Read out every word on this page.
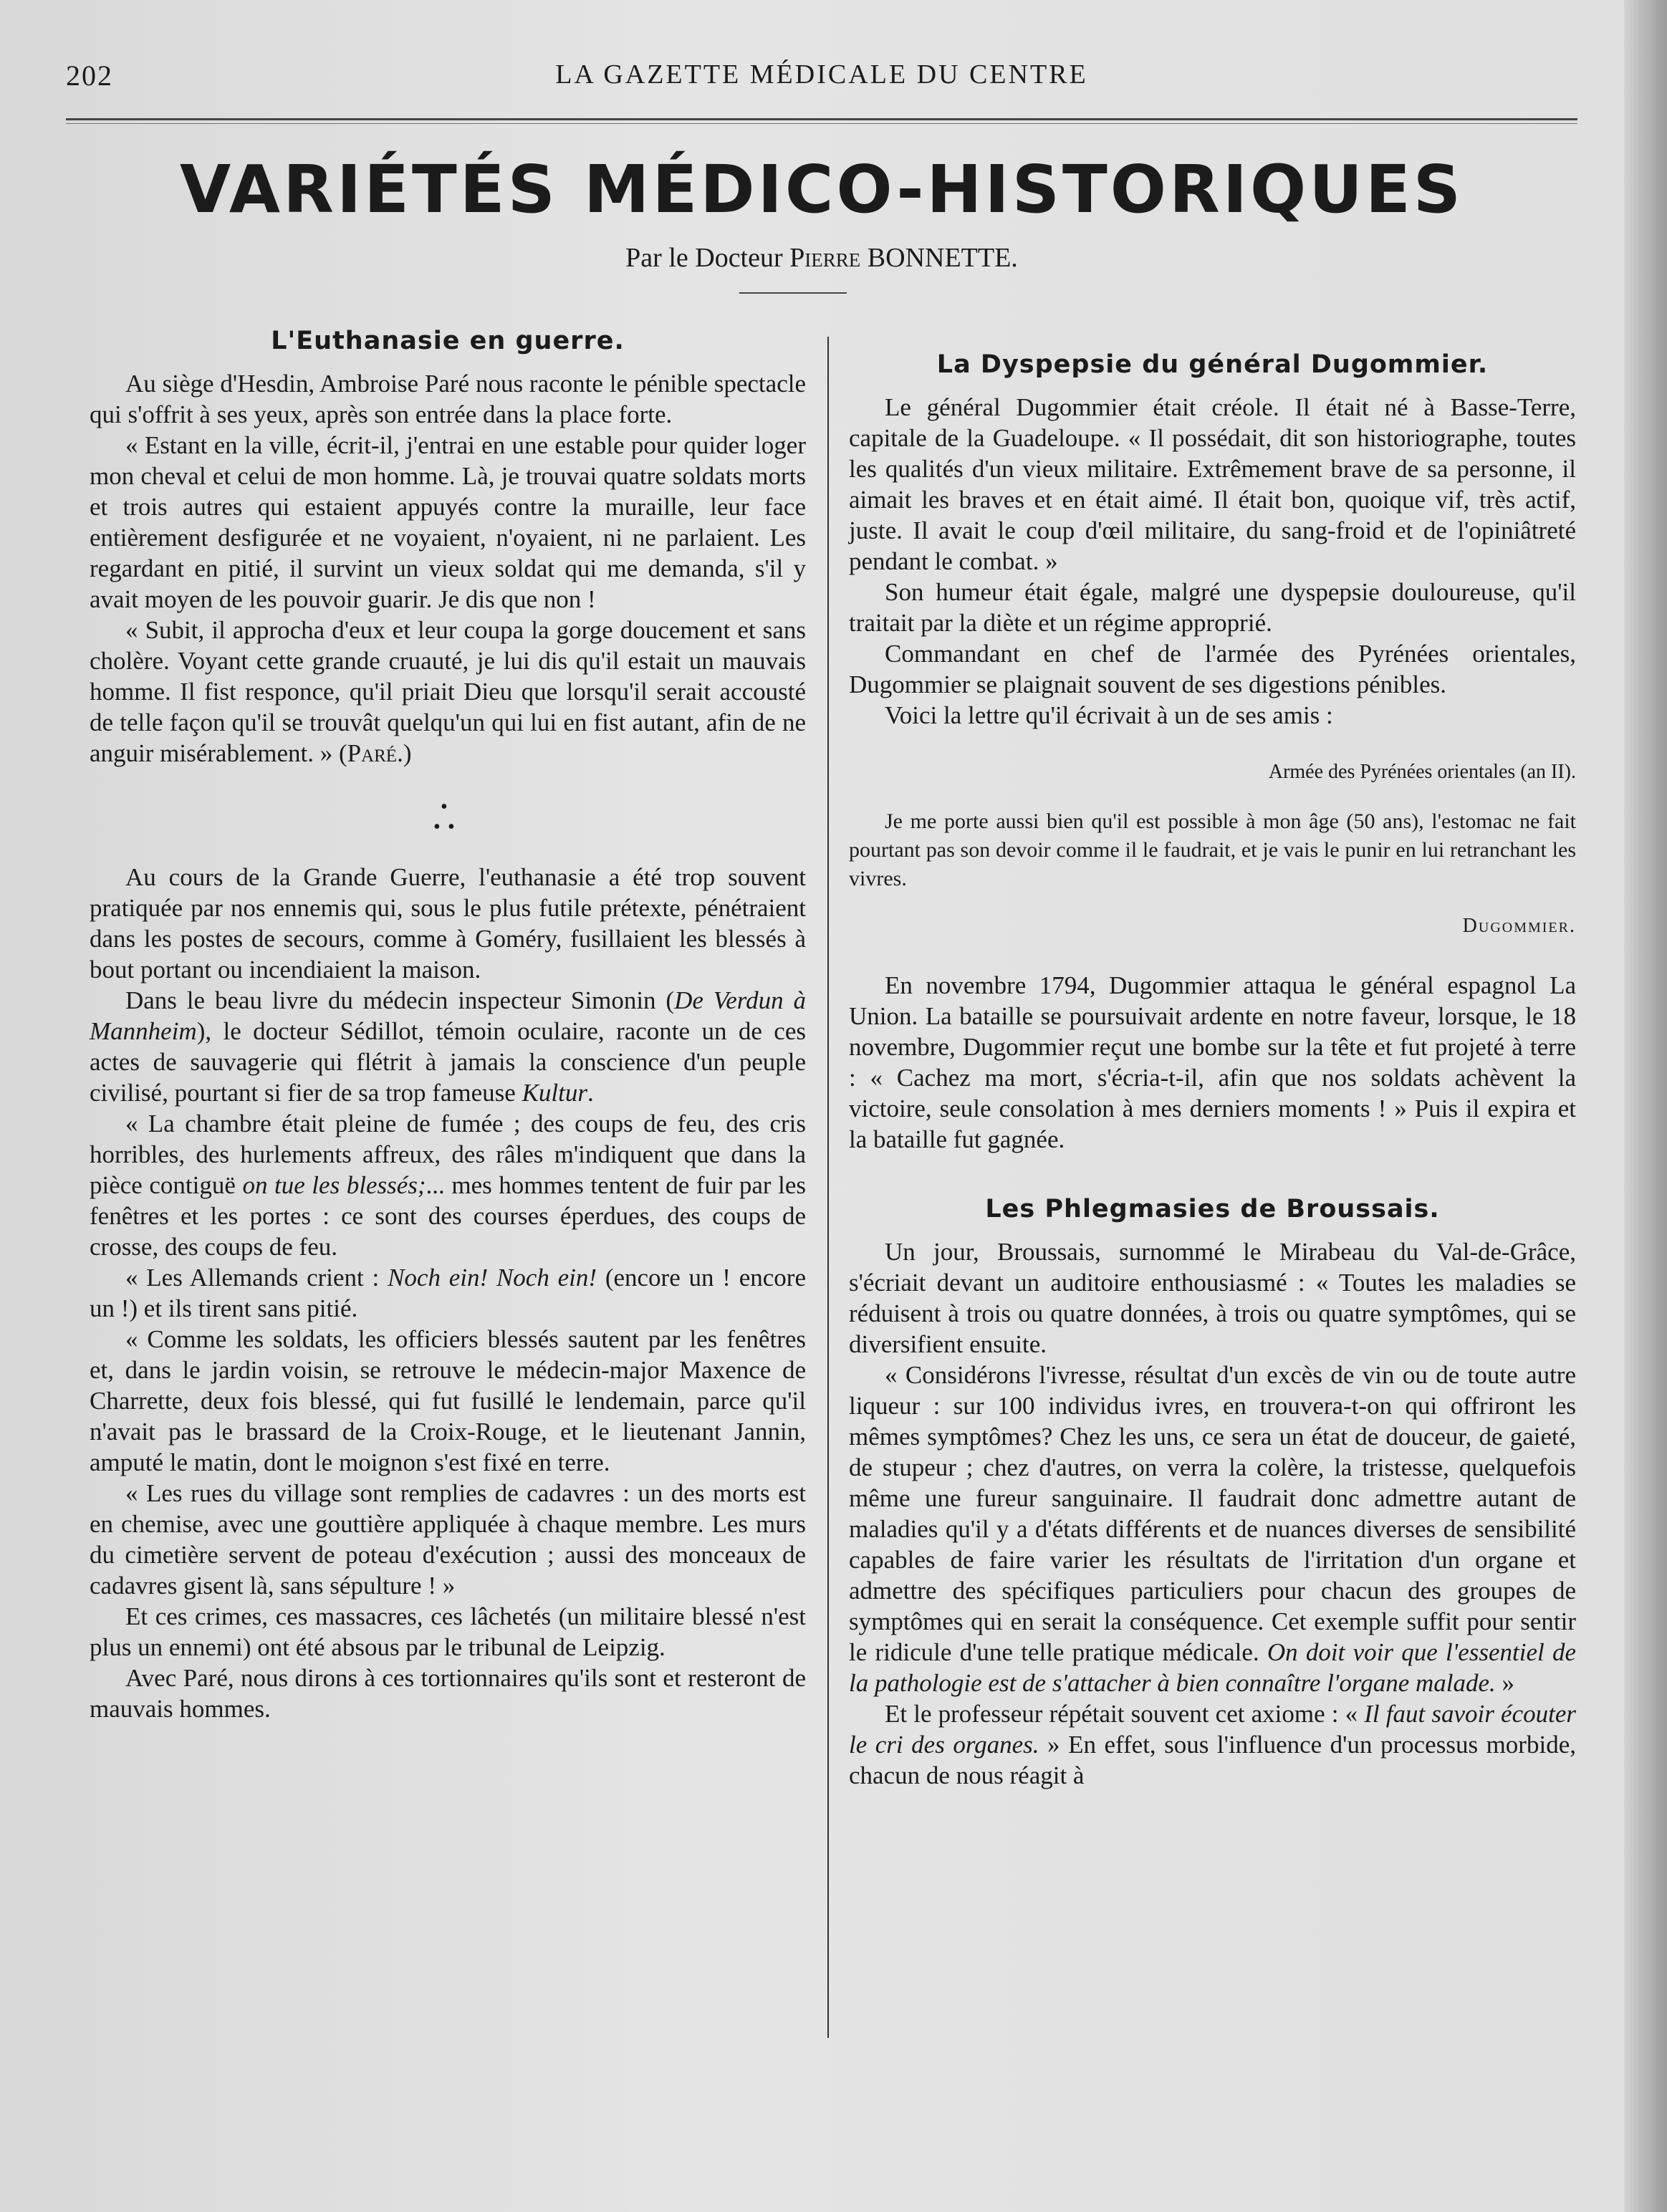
202	LA GAZETTE MÉDICALE DU CENTRE
VARIÉTÉS MÉDICO-HISTORIQUES
Par le Docteur Pierre BONNETTE.
L'Euthanasie en guerre.

Au siège d'Hesdin, Ambroise Paré nous raconte le pénible spectacle qui s'offrit à ses yeux, après son entrée dans la place forte.

« Estant en la ville, écrit-il, j'entrai en une estable pour quider loger mon cheval et celui de mon homme. Là, je trouvai quatre soldats morts et trois autres qui estaient appuyés contre la muraille, leur face entièrement desfigurée et ne voyaient, n'oyaient, ni ne parlaient. Les regardant en pitié, il survint un vieux soldat qui me demanda, s'il y avait moyen de les pouvoir guarir. Je dis que non !

« Subit, il approcha d'eux et leur coupa la gorge doucement et sans cholère. Voyant cette grande cruauté, je lui dis qu'il estait un mauvais homme. Il fist responce, qu'il priait Dieu que lorsqu'il serait accousté de telle façon qu'il se trouvât quelqu'un qui lui en fist autant, afin de ne anguir misérablement. » (Paré.)

•
• •

Au cours de la Grande Guerre, l'euthanasie a été trop souvent pratiquée par nos ennemis qui, sous le plus futile prétexte, pénétraient dans les postes de secours, comme à Goméry, fusillaient les blessés à bout portant ou incendiaient la maison.

Dans le beau livre du médecin inspecteur Simonin (De Verdun à Mannheim), le docteur Sédillot, témoin oculaire, raconte un de ces actes de sauvagerie qui flétrit à jamais la conscience d'un peuple civilisé, pourtant si fier de sa trop fameuse Kultur.

« La chambre était pleine de fumée ; des coups de feu, des cris horribles, des hurlements affreux, des râles m'indiquent que dans la pièce contiguë on tue les blessés;... mes hommes tentent de fuir par les fenêtres et les portes : ce sont des courses éperdues, des coups de crosse, des coups de feu.

« Les Allemands crient : Noch ein! Noch ein! (encore un ! encore un !) et ils tirent sans pitié.

« Comme les soldats, les officiers blessés sautent par les fenêtres et, dans le jardin voisin, se retrouve le médecin-major Maxence de Charrette, deux fois blessé, qui fut fusillé le lendemain, parce qu'il n'avait pas le brassard de la Croix-Rouge, et le lieutenant Jannin, amputé le matin, dont le moignon s'est fixé en terre.

« Les rues du village sont remplies de cadavres : un des morts est en chemise, avec une gouttière appliquée à chaque membre. Les murs du cimetière servent de poteau d'exécution ; aussi des monceaux de cadavres gisent là, sans sépulture ! »

Et ces crimes, ces massacres, ces lâchetés (un militaire blessé n'est plus un ennemi) ont été absous par le tribunal de Leipzig.

Avec Paré, nous dirons à ces tortionnaires qu'ils sont et resteront de mauvais hommes.

La Dyspepsie du général Dugommier.

Le général Dugommier était créole. Il était né à Basse-Terre, capitale de la Guadeloupe. « Il possédait, dit son historiographe, toutes les qualités d'un vieux militaire. Extrêmement brave de sa personne, il aimait les braves et en était aimé. Il était bon, quoique vif, très actif, juste. Il avait le coup d'œil militaire, du sang-froid et de l'opiniâtreté pendant le combat. »

Son humeur était égale, malgré une dyspepsie douloureuse, qu'il traitait par la diète et un régime approprié.

Commandant en chef de l'armée des Pyrénées orientales, Dugommier se plaignait souvent de ses digestions pénibles.

Voici la lettre qu'il écrivait à un de ses amis :

Armée des Pyrénées orientales (an II).

Je me porte aussi bien qu'il est possible à mon âge (50 ans), l'estomac ne fait pourtant pas son devoir comme il le faudrait, et je vais le punir en lui retranchant les vivres.

Dugommier.

En novembre 1794, Dugommier attaqua le général espagnol La Union. La bataille se poursuivait ardente en notre faveur, lorsque, le 18 novembre, Dugommier reçut une bombe sur la tête et fut projeté à terre : « Cachez ma mort, s'écria-t-il, afin que nos soldats achèvent la victoire, seule consolation à mes derniers moments ! » Puis il expira et la bataille fut gagnée.

Les Phlegmasies de Broussais.

Un jour, Broussais, surnommé le Mirabeau du Val-de-Grâce, s'écriait devant un auditoire enthousiasmé : « Toutes les maladies se réduisent à trois ou quatre données, à trois ou quatre symptômes, qui se diversifient ensuite.

« Considérons l'ivresse, résultat d'un excès de vin ou de toute autre liqueur : sur 100 individus ivres, en trouvera-t-on qui offriront les mêmes symptômes? Chez les uns, ce sera un état de douceur, de gaieté, de stupeur ; chez d'autres, on verra la colère, la tristesse, quelquefois même une fureur sanguinaire. Il faudrait donc admettre autant de maladies qu'il y a d'états différents et de nuances diverses de sensibilité capables de faire varier les résultats de l'irritation d'un organe et admettre des spécifiques particuliers pour chacun des groupes de symptômes qui en serait la conséquence. Cet exemple suffit pour sentir le ridicule d'une telle pratique médicale. On doit voir que l'essentiel de la pathologie est de s'attacher à bien connaître l'organe malade. »

Et le professeur répétait souvent cet axiome : « Il faut savoir écouter le cri des organes. » En effet, sous l'influence d'un processus morbide, chacun de nous réagit à
